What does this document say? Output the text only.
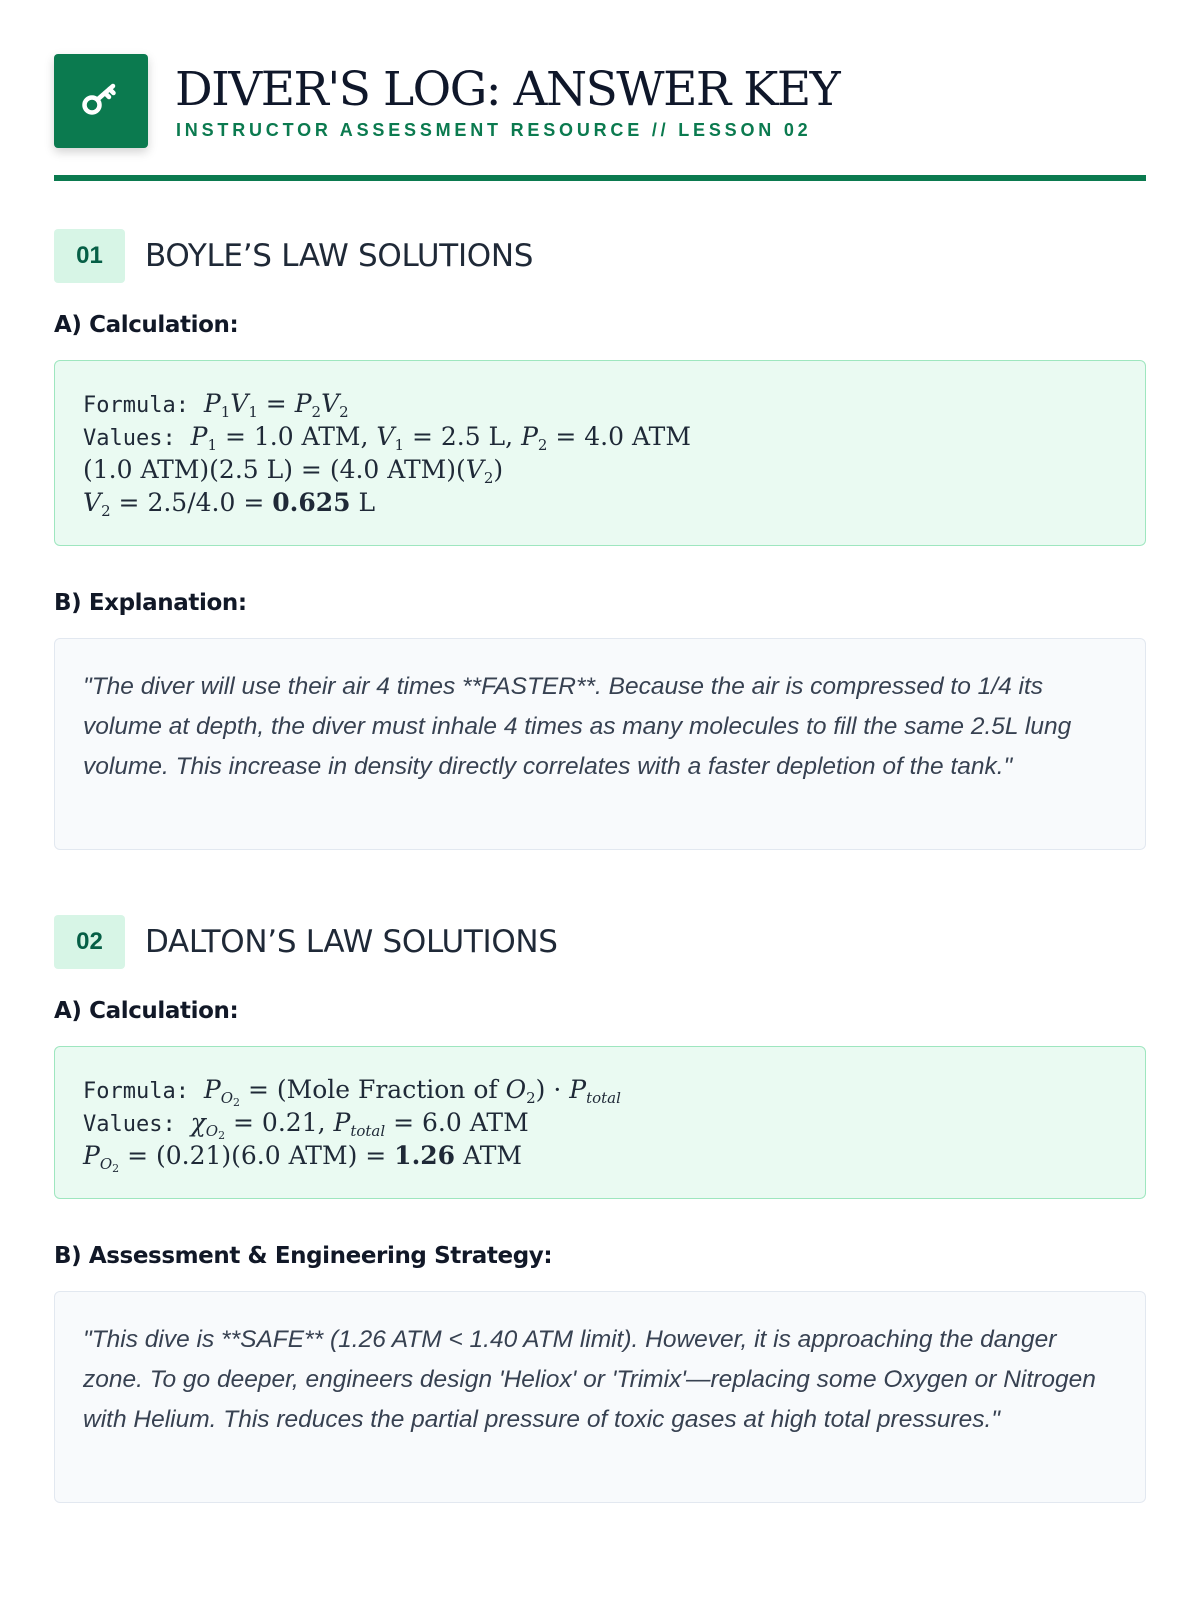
DIVER'S LOG: ANSWER KEY
INSTRUCTOR ASSESSMENT RESOURCE // LESSON 02
01	BOYLE’S LAW SOLUTIONS
A) Calculation:
Formula: $P_1V_1 = P_2V_2$
Values: $P_1 = 1.0$ ATM, $V_1 = 2.5$ L, $P_2 = 4.0$ ATM
(1.0 ATM)(2.5 L) = (4.0 $ATM)(V_2)$
$V_2 = 2.5/4.0 = 0.625$ L
B) Explanation:

"The diver will use their air 4 times **FASTER**. Because the air is compressed to 1/4 its volume at depth, the diver must inhale 4 times as many molecules to fill the same 2.5L lung volume. This increase in density directly correlates with a faster depletion of the tank."

02	DALTON’S LAW SOLUTIONS
A) Calculation:
Formula: $P_{O_2}$ = (Mole Fraction of $O_2) \cdot P_{total}$
Values: $\chi_{O_2} = 0.21$, $P_{total} = 6.0$ ATM
$P_{O_2} = (0.21)(6.0$ ATM) = 1.26 ATM
B) Assessment & Engineering Strategy:

"This dive is **SAFE** (1.26 ATM < 1.40 ATM limit). However, it is approaching the danger zone. To go deeper, engineers design 'Heliox' or 'Trimix'—replacing some Oxygen or Nitrogen with Helium. This reduces the partial pressure of toxic gases at high total pressures."
